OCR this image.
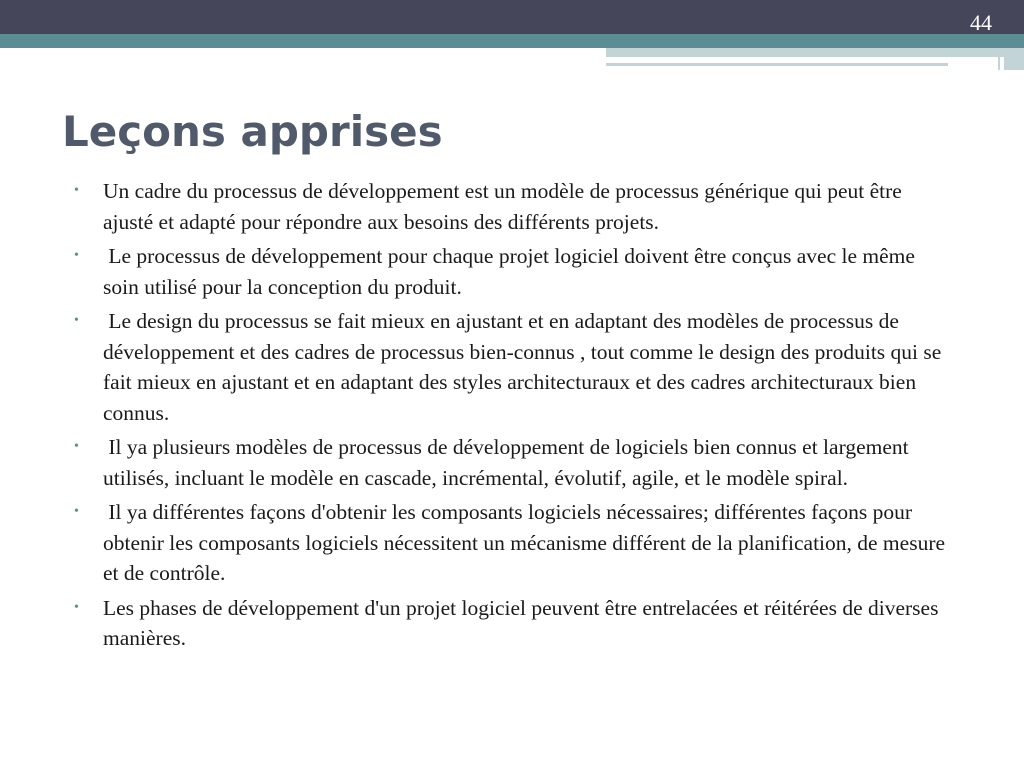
44
Leçons apprises
• Un cadre du processus de développement est un modèle de processus générique qui peut être ajusté et adapté pour répondre aux besoins des différents projets.
• Le processus de développement pour chaque projet logiciel doivent être conçus avec le même soin utilisé pour la conception du produit.
• Le design du processus se fait mieux en ajustant et en adaptant des modèles de processus de développement et des cadres de processus bien-connus , tout comme le design des produits qui se fait mieux en ajustant et en adaptant des styles architecturaux et des cadres architecturaux bien connus.
• Il ya plusieurs modèles de processus de développement de logiciels bien connus et largement utilisés, incluant le modèle en cascade, incrémental, évolutif, agile, et le modèle spiral.
• Il ya différentes façons d'obtenir les composants logiciels nécessaires; différentes façons pour obtenir les composants logiciels nécessitent un mécanisme différent de la planification, de mesure et de contrôle.
• Les phases de développement d'un projet logiciel peuvent être entrelacées et réitérées de diverses manières.
